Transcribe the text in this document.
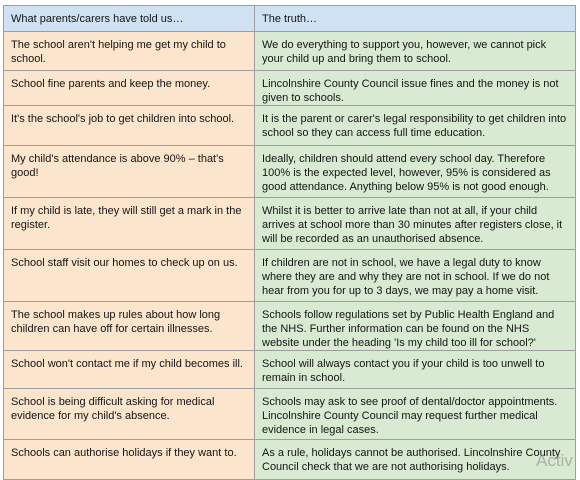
What parents/carers have told us…	The truth…
The school aren't helping me get my child to school.	We do everything to support you, however, we cannot pick your child up and bring them to school.
School fine parents and keep the money.	Lincolnshire County Council issue fines and the money is not given to schools.
It's the school's job to get children into school.	It is the parent or carer's legal responsibility to get children into school so they can access full time education.
My child's attendance is above 90% – that's good!	Ideally, children should attend every school day. Therefore 100% is the expected level, however, 95% is considered as good attendance. Anything below 95% is not good enough.
If my child is late, they will still get a mark in the register.	Whilst it is better to arrive late than not at all, if your child arrives at school more than 30 minutes after registers close, it will be recorded as an unauthorised absence.
School staff visit our homes to check up on us.	If children are not in school, we have a legal duty to know where they are and why they are not in school. If we do not hear from you for up to 3 days, we may pay a home visit.
The school makes up rules about how long children can have off for certain illnesses.	Schools follow regulations set by Public Health England and the NHS. Further information can be found on the NHS website under the heading 'Is my child too ill for school?'
School won't contact me if my child becomes ill.	School will always contact you if your child is too unwell to remain in school.
School is being difficult asking for medical evidence for my child's absence.	Schools may ask to see proof of dental/doctor appointments. Lincolnshire County Council may request further medical evidence in legal cases.
Schools can authorise holidays if they want to.	As a rule, holidays cannot be authorised. Lincolnshire County Council check that we are not authorising holidays. Activ
